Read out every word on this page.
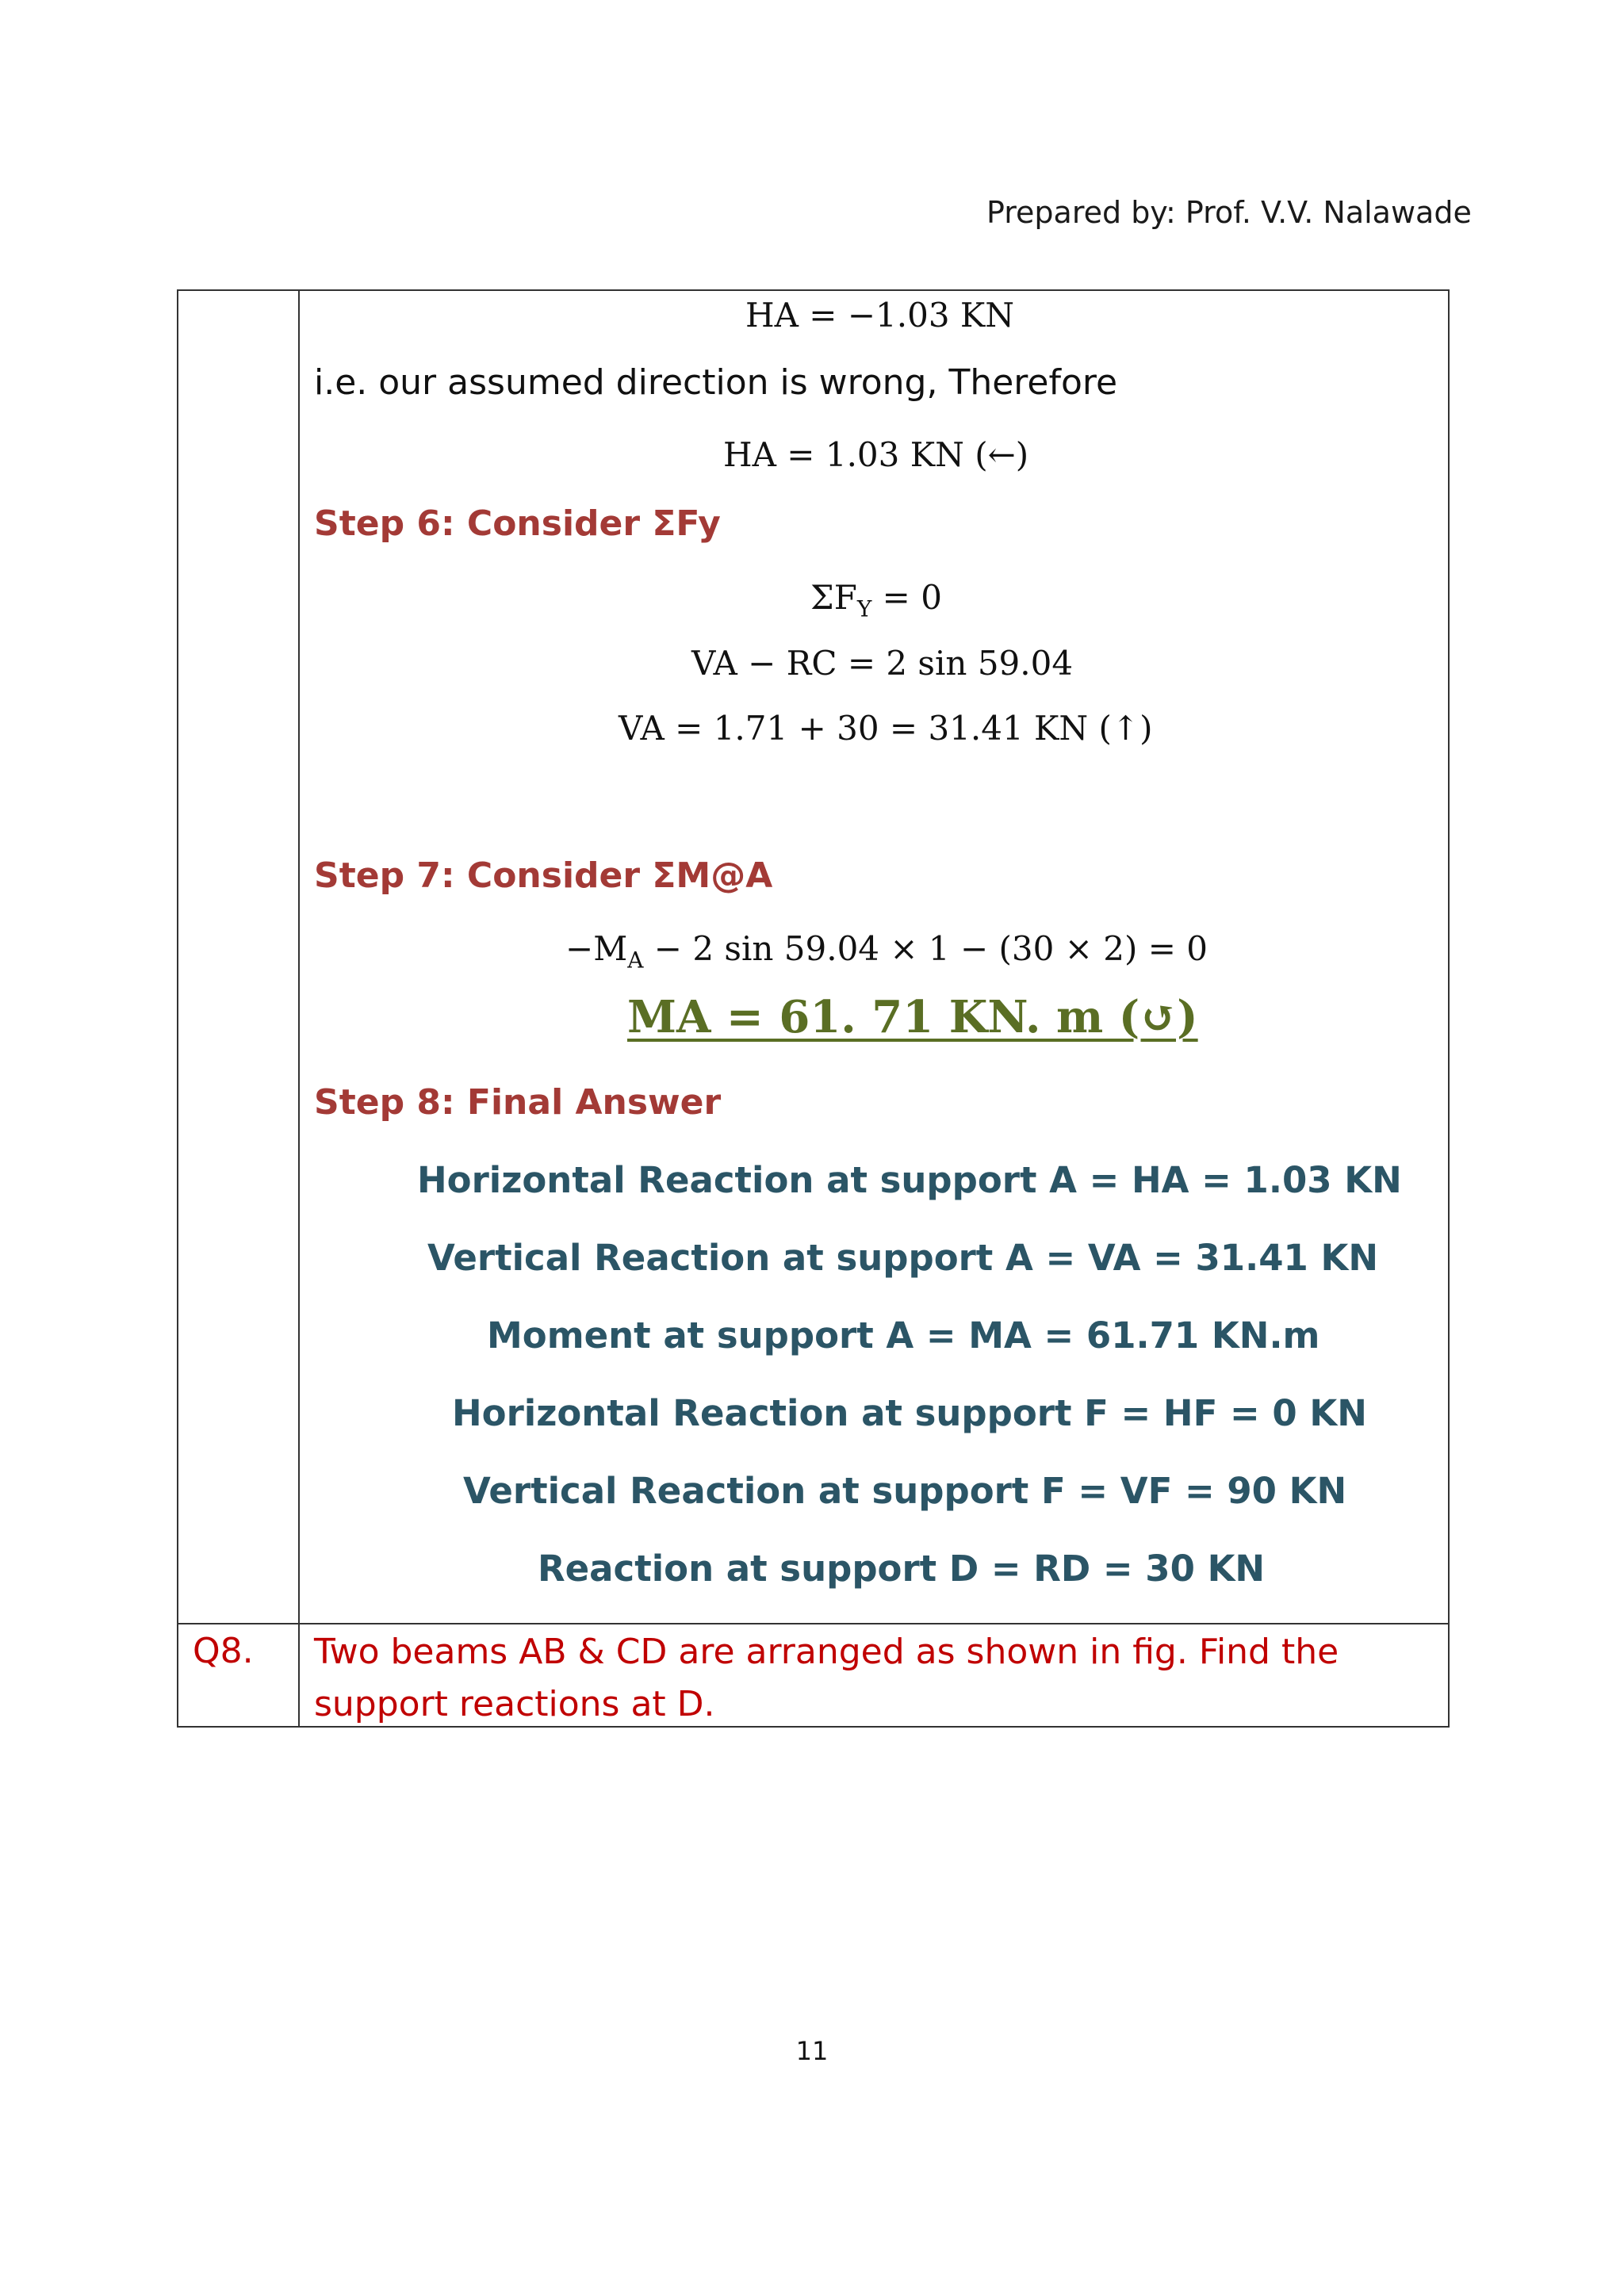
Prepared by: Prof. V.V. Nalawade
HA = −1.03 KN
i.e. our assumed direction is wrong, Therefore
HA = 1.03 KN (←)
Step 6: Consider ΣFy
$\Sigma F_Y = 0$
VA − RC = 2 sin 59.04
VA = 1.71 + 30 = 31.41 KN (↑)
Step 7: Consider ΣM@A
$-M_A - 2$ sin 59.04 × 1 − (30 × 2) = 0
MA = 61. 71 KN. m (↺)
Step 8: Final Answer
Horizontal Reaction at support A = HA = 1.03 KN
Vertical Reaction at support A = VA = 31.41 KN
Moment at support A = MA = 61.71 KN.m
Horizontal Reaction at support F = HF = 0 KN
Vertical Reaction at support F = VF = 90 KN
Reaction at support D = RD = 30 KN
Q8. Two beams AB & CD are arranged as shown in fig. Find the
support reactions at D.
11
